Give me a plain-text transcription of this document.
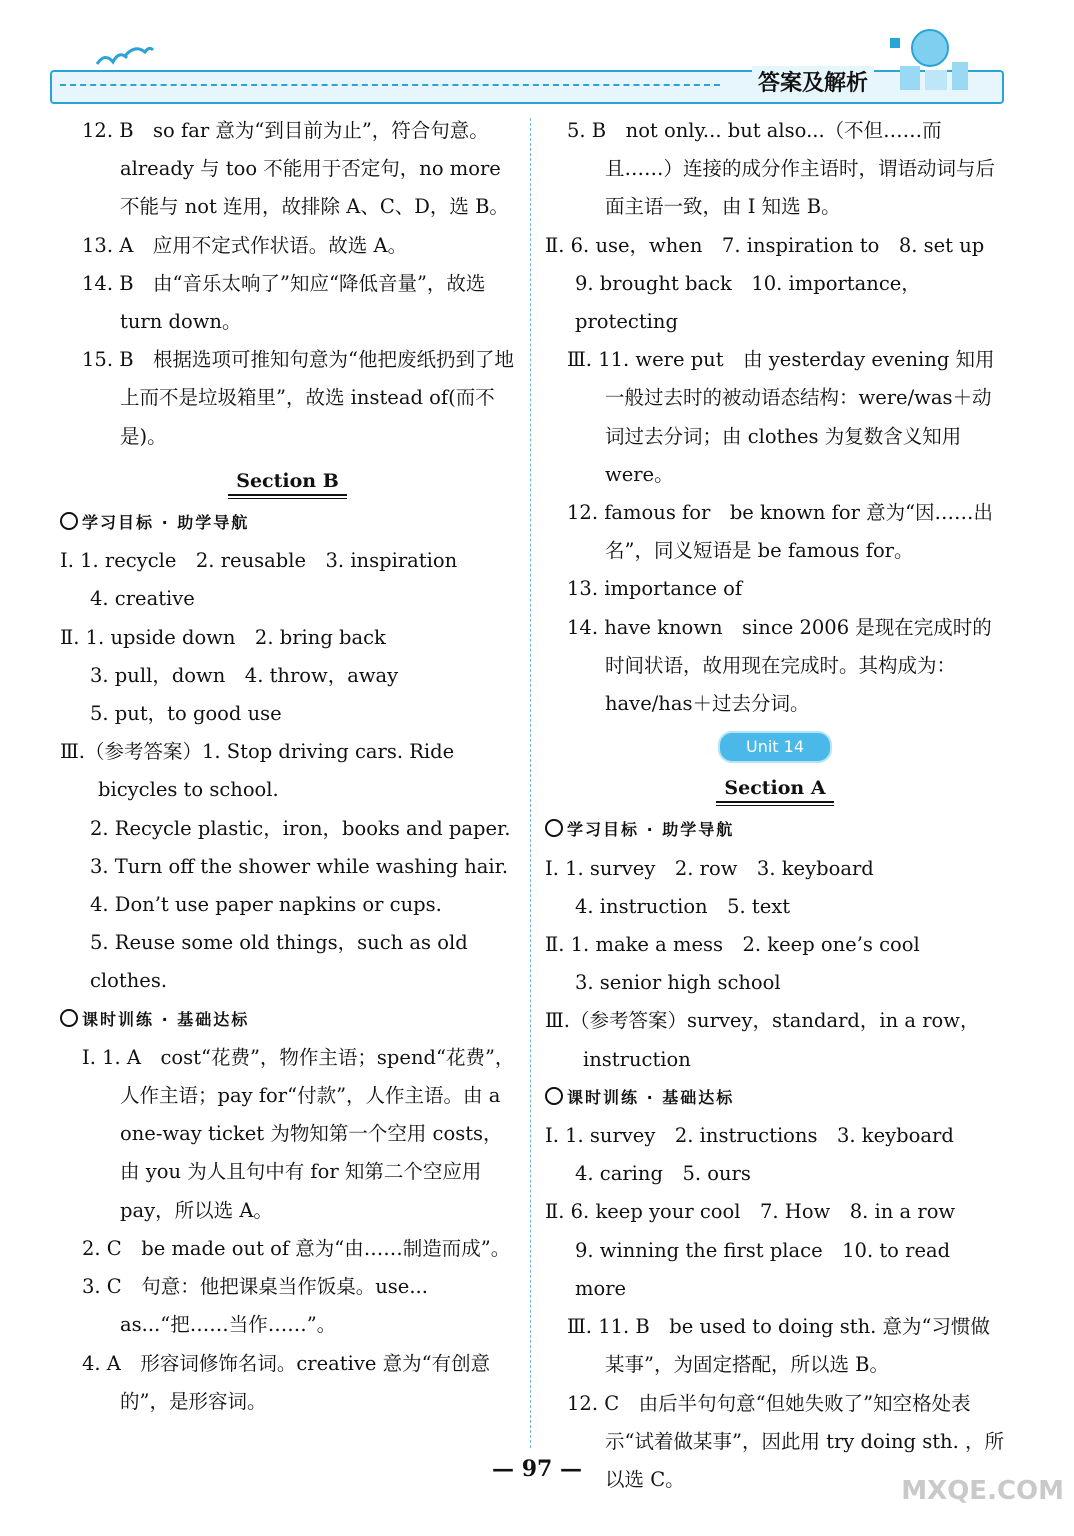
答案及解析
12. B　so far 意为“到目前为止”，符合句意。already 与 too 不能用于否定句，no more 不能与 not 连用，故排除 A、C、D，选 B。
13. A　应用不定式作状语。故选 A。
14. B　由“音乐太响了”知应“降低音量”，故选 turn down。
15. B　根据选项可推知句意为“他把废纸扔到了地上而不是垃圾箱里”，故选 instead of(而不是)。
Section B
学习目标 · 助学导航
Ⅰ. 1. recycle　2. reusable　3. inspiration
4. creative
Ⅱ. 1. upside down　2. bring back
3. pull，down　4. throw，away
5. put，to good use
Ⅲ.（参考答案）1. Stop driving cars. Ride bicycles to school.
2. Recycle plastic，iron，books and paper.
3. Turn off the shower while washing hair.
4. Don’t use paper napkins or cups.
5. Reuse some old things，such as old clothes.
课时训练 · 基础达标
Ⅰ. 1. A　cost“花费”，物作主语；spend“花费”，人作主语；pay for“付款”，人作主语。由 a one-way ticket 为物知第一个空用 costs，由 you 为人且句中有 for 知第二个空应用 pay，所以选 A。
2. C　be made out of 意为“由……制造而成”。
3. C　句意：他把课桌当作饭桌。use... as...“把……当作……”。
4. A　形容词修饰名词。creative 意为“有创意的”，是形容词。
5. B　not only... but also...（不但……而且……）连接的成分作主语时，谓语动词与后面主语一致，由 I 知选 B。
Ⅱ. 6. use，when　7. inspiration to　8. set up
9. brought back　10. importance，protecting
Ⅲ. 11. were put　由 yesterday evening 知用一般过去时的被动语态结构：were/was＋动词过去分词；由 clothes 为复数含义知用 were。
12. famous for　be known for 意为“因……出名”，同义短语是 be famous for。
13. importance of
14. have known　since 2006 是现在完成时的时间状语，故用现在完成时。其构成为：have/has＋过去分词。
Unit 14
Section A
学习目标 · 助学导航
Ⅰ. 1. survey　2. row　3. keyboard
4. instruction　5. text
Ⅱ. 1. make a mess　2. keep one’s cool
3. senior high school
Ⅲ.（参考答案）survey，standard，in a row，instruction
课时训练 · 基础达标
Ⅰ. 1. survey　2. instructions　3. keyboard
4. caring　5. ours
Ⅱ. 6. keep your cool　7. How　8. in a row
9. winning the first place　10. to read more
Ⅲ. 11. B　be used to doing sth. 意为“习惯做某事”，为固定搭配，所以选 B。
12. C　由后半句句意“但她失败了”知空格处表示“试着做某事”，因此用 try doing sth. ，所以选 C。
— 97 —
MXQE.COM
